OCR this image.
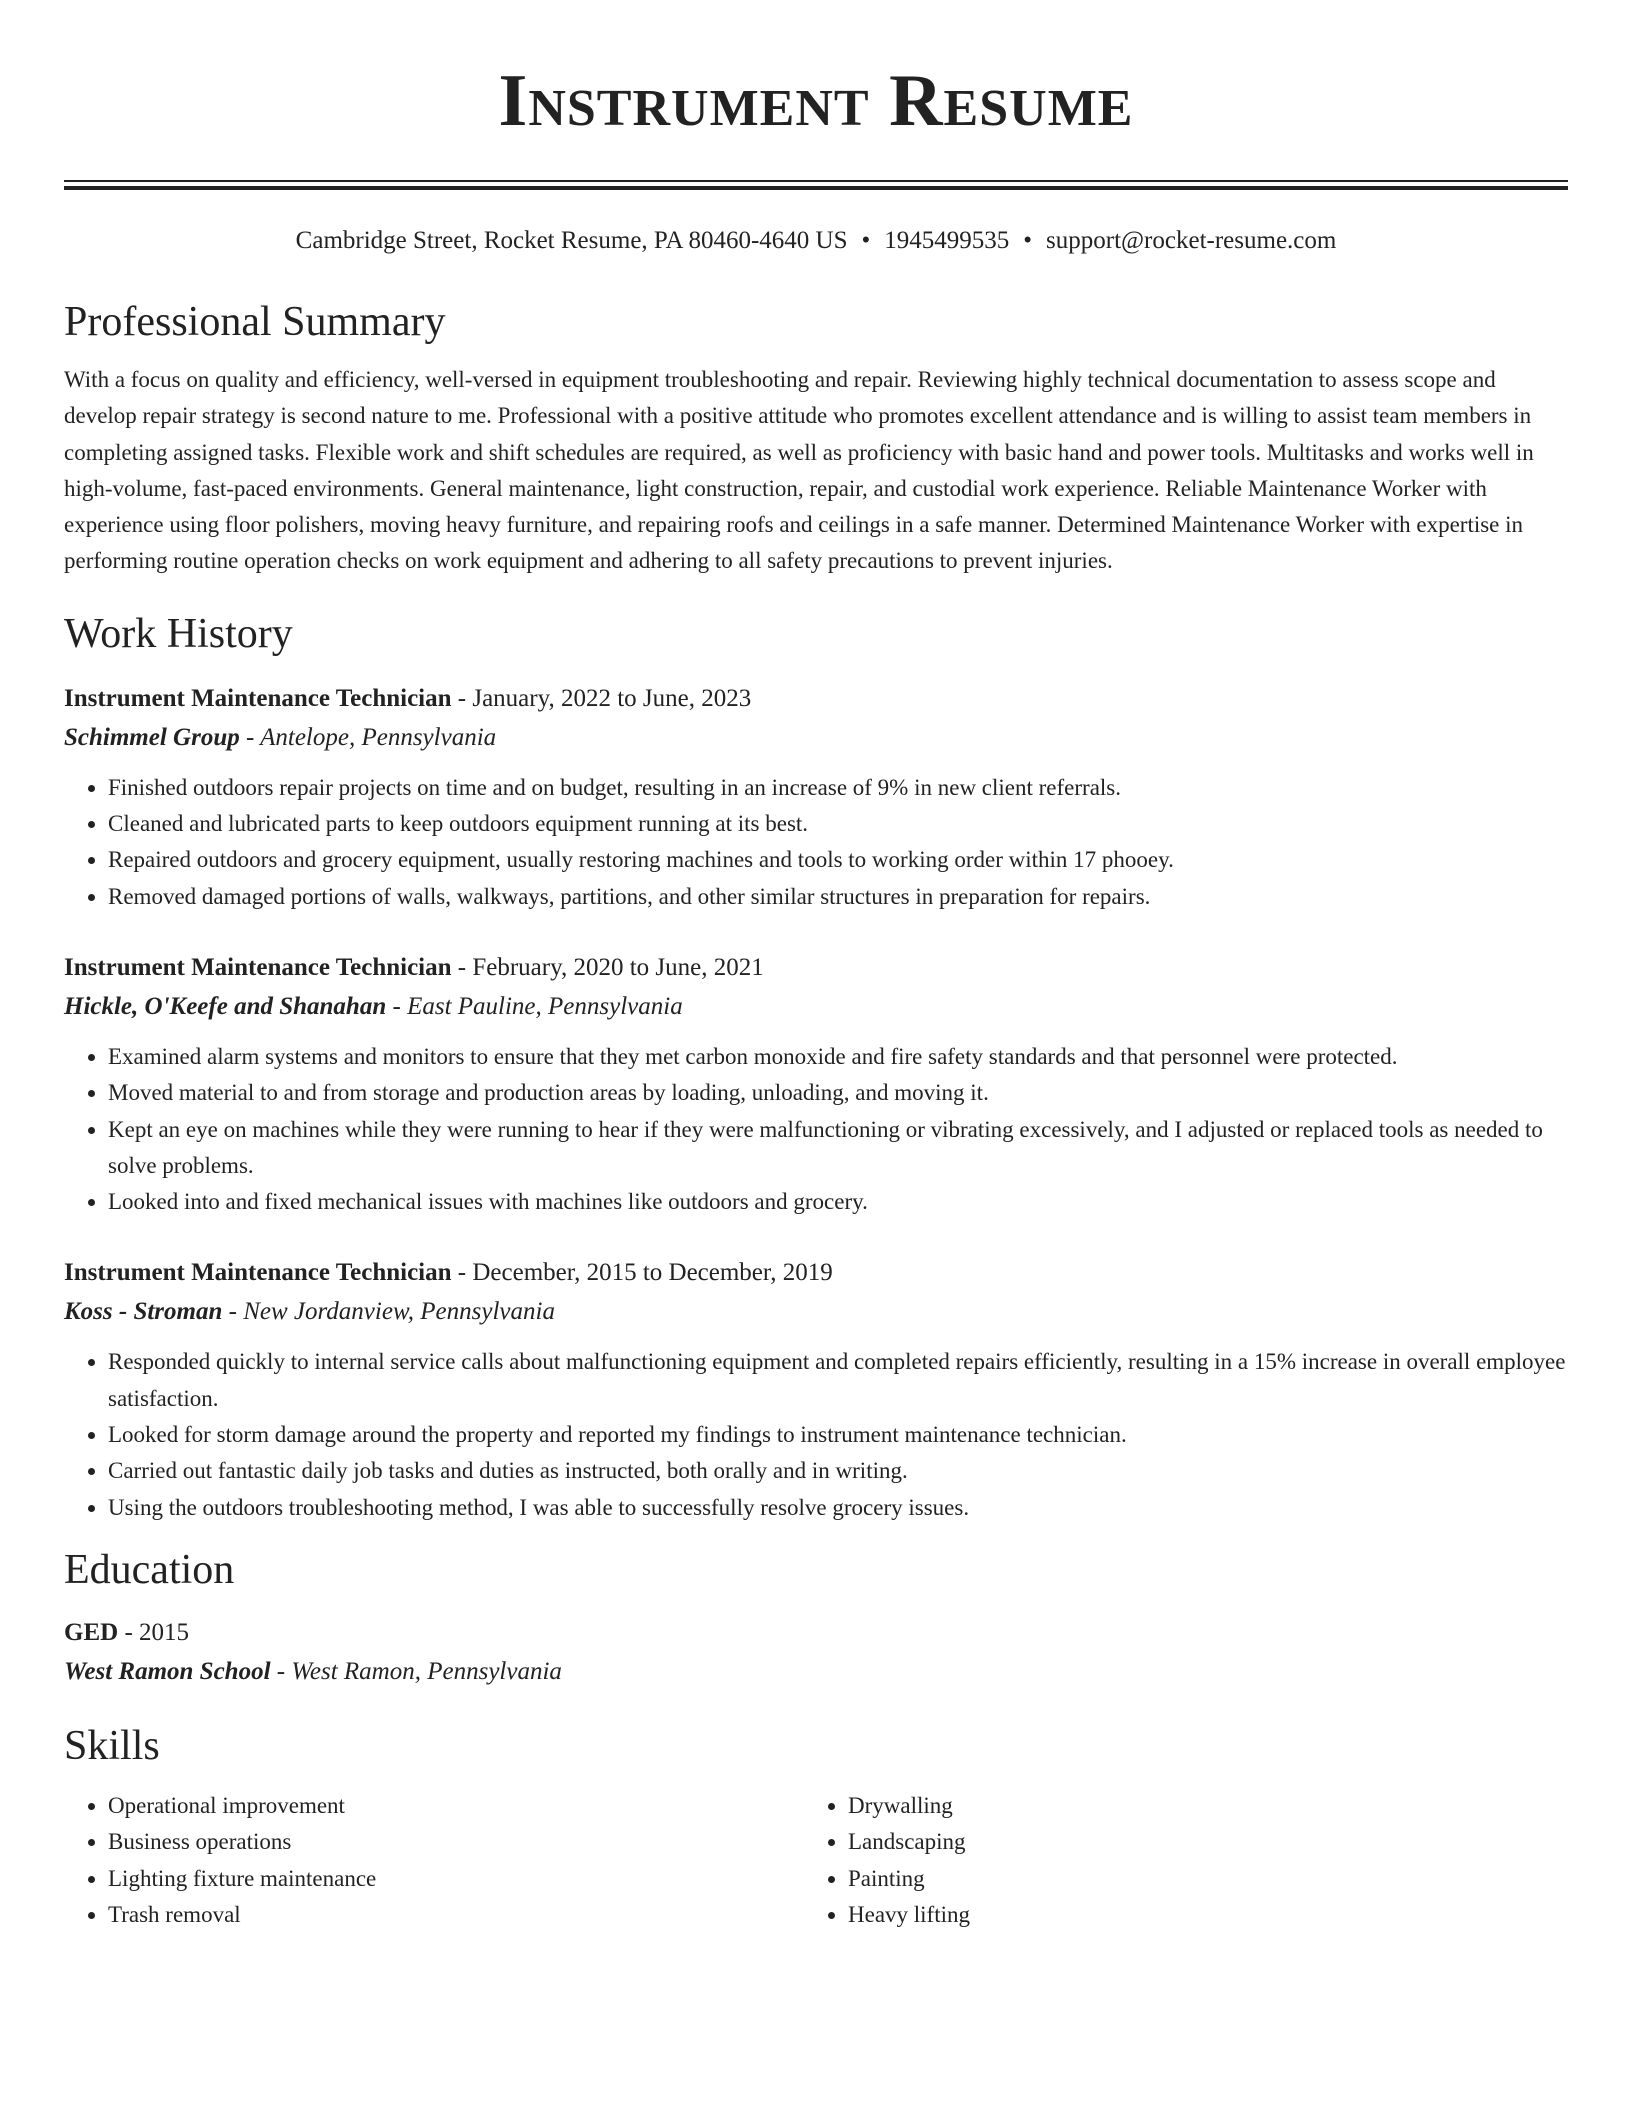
Instrument Resume
Cambridge Street, Rocket Resume, PA 80460-4640 US • 1945499535 • support@rocket-resume.com
Professional Summary

With a focus on quality and efficiency, well-versed in equipment troubleshooting and repair. Reviewing highly technical documentation to assess scope and develop repair strategy is second nature to me. Professional with a positive attitude who promotes excellent attendance and is willing to assist team members in completing assigned tasks. Flexible work and shift schedules are required, as well as proficiency with basic hand and power tools. Multitasks and works well in high-volume, fast-paced environments. General maintenance, light construction, repair, and custodial work experience. Reliable Maintenance Worker with experience using floor polishers, moving heavy furniture, and repairing roofs and ceilings in a safe manner. Determined Maintenance Worker with expertise in performing routine operation checks on work equipment and adhering to all safety precautions to prevent injuries.

Work History
Instrument Maintenance Technician - January, 2022 to June, 2023
Schimmel Group - Antelope, Pennsylvania
• Finished outdoors repair projects on time and on budget, resulting in an increase of 9% in new client referrals.
• Cleaned and lubricated parts to keep outdoors equipment running at its best.
• Repaired outdoors and grocery equipment, usually restoring machines and tools to working order within 17 phooey.
• Removed damaged portions of walls, walkways, partitions, and other similar structures in preparation for repairs.
Instrument Maintenance Technician - February, 2020 to June, 2021
Hickle, O'Keefe and Shanahan - East Pauline, Pennsylvania
• Examined alarm systems and monitors to ensure that they met carbon monoxide and fire safety standards and that personnel were protected.
• Moved material to and from storage and production areas by loading, unloading, and moving it.
• Kept an eye on machines while they were running to hear if they were malfunctioning or vibrating excessively, and I adjusted or replaced tools as needed to solve problems.
• Looked into and fixed mechanical issues with machines like outdoors and grocery.
Instrument Maintenance Technician - December, 2015 to December, 2019
Koss - Stroman - New Jordanview, Pennsylvania
• Responded quickly to internal service calls about malfunctioning equipment and completed repairs efficiently, resulting in a 15% increase in overall employee satisfaction.
• Looked for storm damage around the property and reported my findings to instrument maintenance technician.
• Carried out fantastic daily job tasks and duties as instructed, both orally and in writing.
• Using the outdoors troubleshooting method, I was able to successfully resolve grocery issues.
Education
GED - 2015
West Ramon School - West Ramon, Pennsylvania
Skills
• Operational improvement
• Business operations
• Lighting fixture maintenance
• Trash removal
• Drywalling
• Landscaping
• Painting
• Heavy lifting
